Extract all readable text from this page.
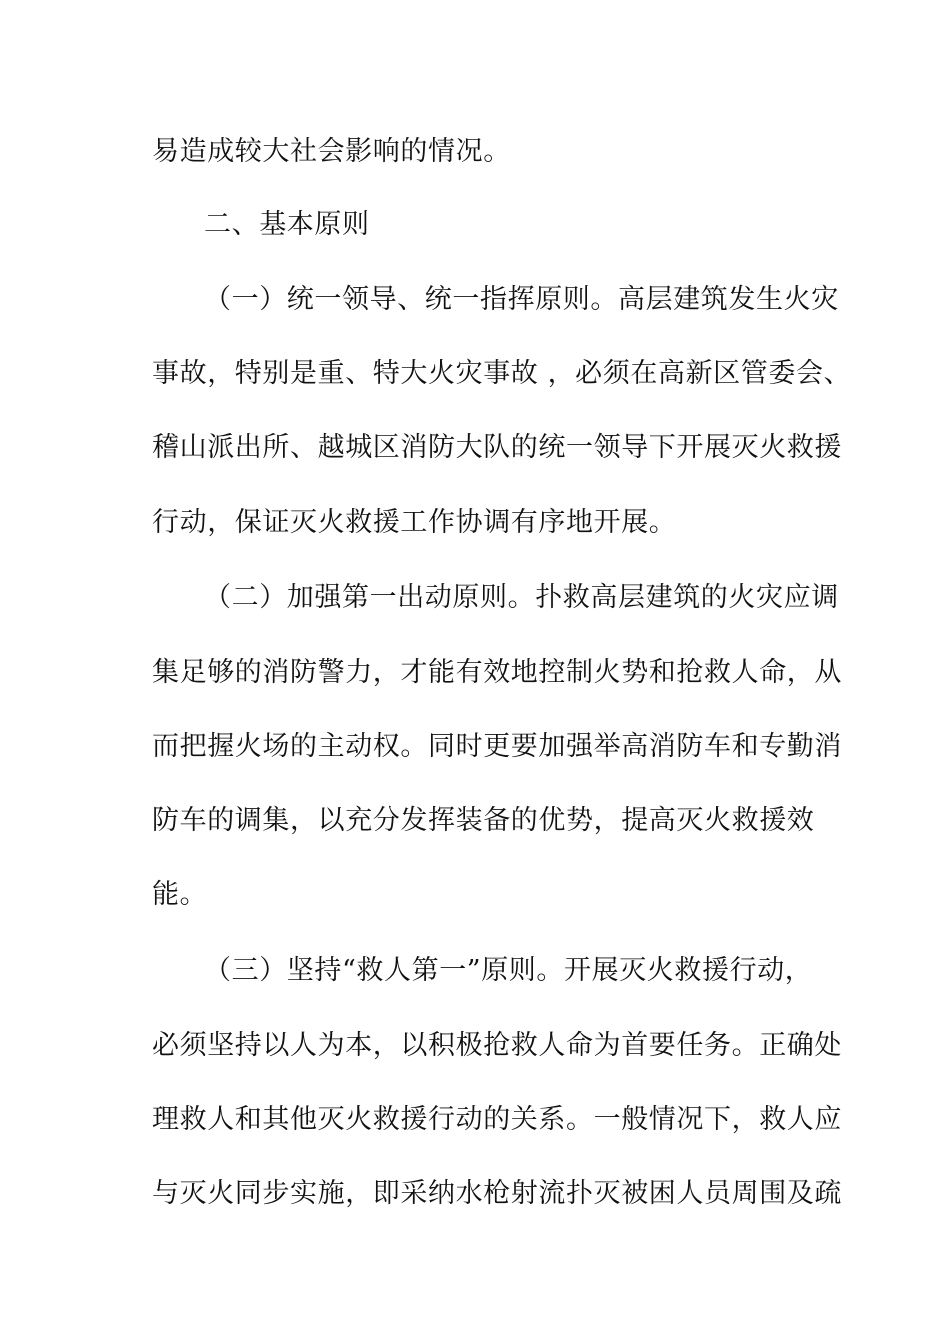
易造成较大社会影响的情况。
二、基本原则
（一）统一领导、统一指挥原则。高层建筑发生火灾
事故，特别是重、特大火灾事故 ，必须在高新区管委会、
稽山派出所、越城区消防大队的统一领导下开展灭火救援
行动，保证灭火救援工作协调有序地开展。
（二）加强第一出动原则。扑救高层建筑的火灾应调
集足够的消防警力，才能有效地控制火势和抢救人命，从
而把握火场的主动权。同时更要加强举高消防车和专勤消
防车的调集，以充分发挥装备的优势，提高灭火救援效
能。
（三）坚持“救人第一”原则。开展灭火救援行动，
必须坚持以人为本，以积极抢救人命为首要任务。正确处
理救人和其他灭火救援行动的关系。一般情况下，救人应
与灭火同步实施，即采纳水枪射流扑灭被困人员周围及疏
